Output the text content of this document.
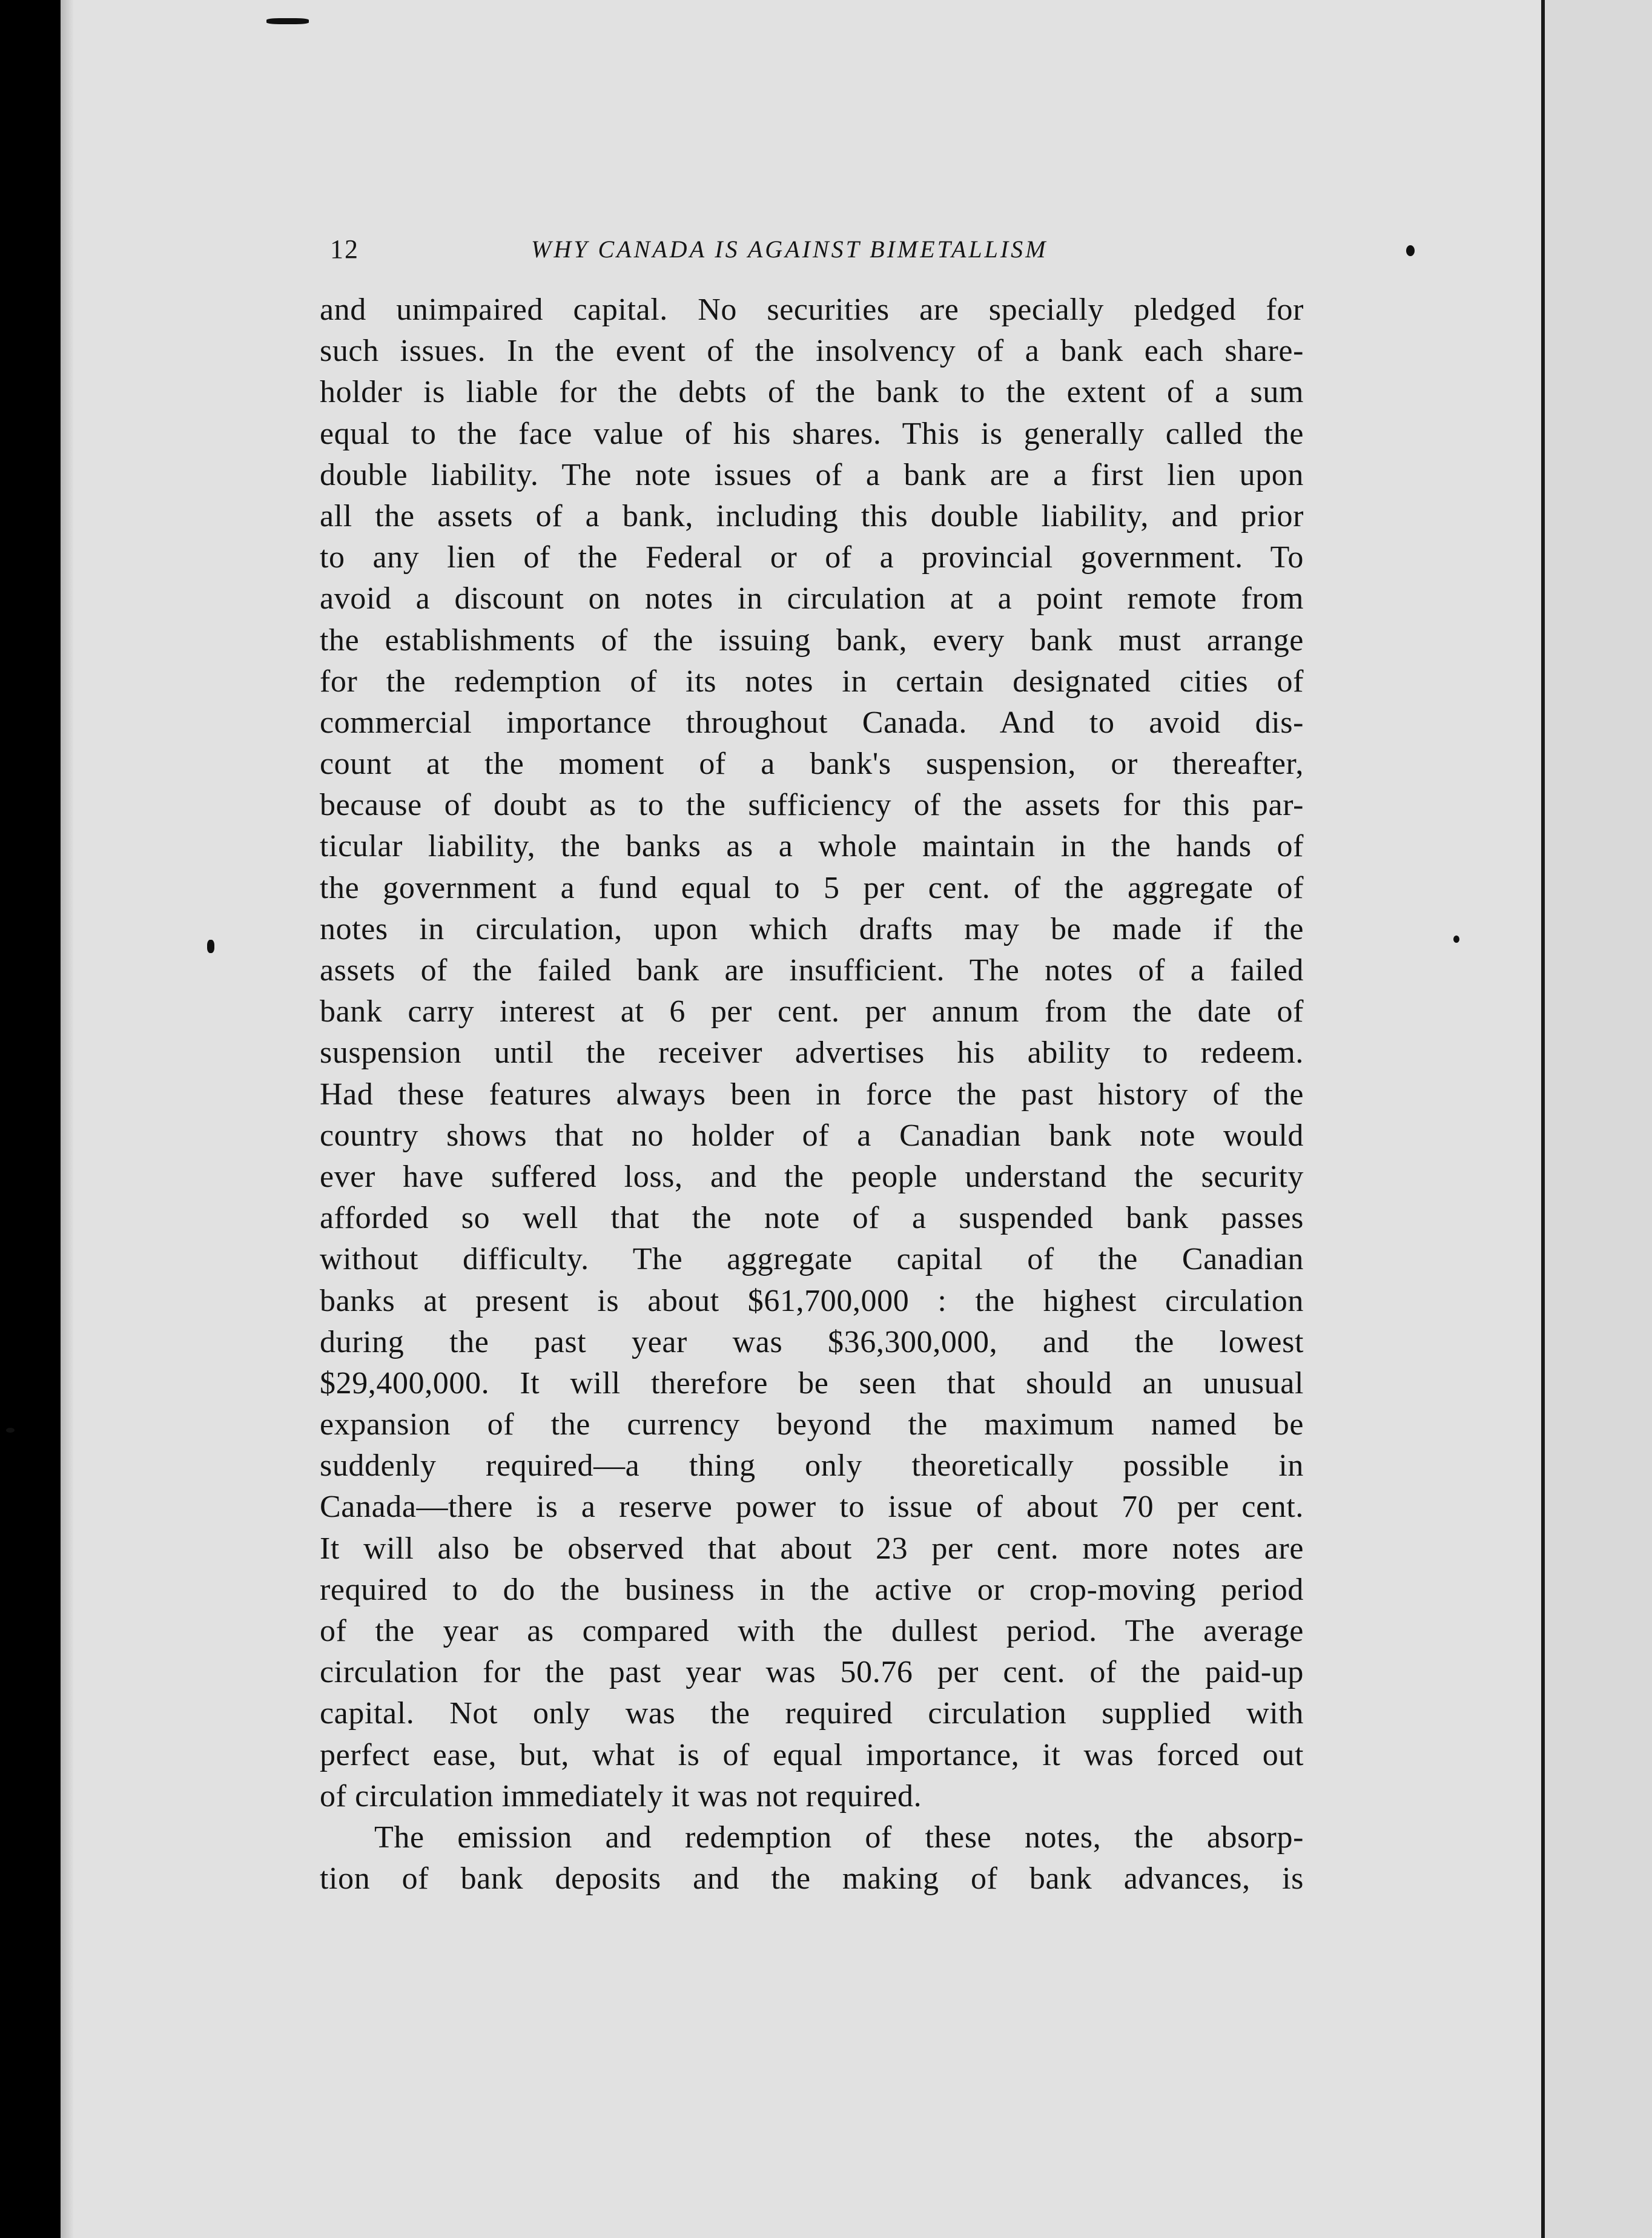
12	WHY CANADA IS AGAINST BIMETALLISM
and unimpaired capital. No securities are specially pledged for
such issues. In the event of the insolvency of a bank each share-
holder is liable for the debts of the bank to the extent of a sum
equal to the face value of his shares. This is generally called the
double liability. The note issues of a bank are a first lien upon
all the assets of a bank, including this double liability, and prior
to any lien of the Federal or of a provincial government. To
avoid a discount on notes in circulation at a point remote from
the establishments of the issuing bank, every bank must arrange
for the redemption of its notes in certain designated cities of
commercial importance throughout Canada. And to avoid dis-
count at the moment of a bank's suspension, or thereafter,
because of doubt as to the sufficiency of the assets for this par-
ticular liability, the banks as a whole maintain in the hands of
the government a fund equal to 5 per cent. of the aggregate of
notes in circulation, upon which drafts may be made if the
assets of the failed bank are insufficient. The notes of a failed
bank carry interest at 6 per cent. per annum from the date of
suspension until the receiver advertises his ability to redeem.
Had these features always been in force the past history of the
country shows that no holder of a Canadian bank note would
ever have suffered loss, and the people understand the security
afforded so well that the note of a suspended bank passes
without difficulty. The aggregate capital of the Canadian
banks at present is about $61,700,000 : the highest circulation
during the past year was $36,300,000, and the lowest
$29,400,000. It will therefore be seen that should an unusual
expansion of the currency beyond the maximum named be
suddenly required—a thing only theoretically possible in
Canada—there is a reserve power to issue of about 70 per cent.
It will also be observed that about 23 per cent. more notes are
required to do the business in the active or crop-moving period
of the year as compared with the dullest period. The average
circulation for the past year was 50.76 per cent. of the paid-up
capital. Not only was the required circulation supplied with
perfect ease, but, what is of equal importance, it was forced out
of circulation immediately it was not required.
The emission and redemption of these notes, the absorp-
tion of bank deposits and the making of bank advances, is
